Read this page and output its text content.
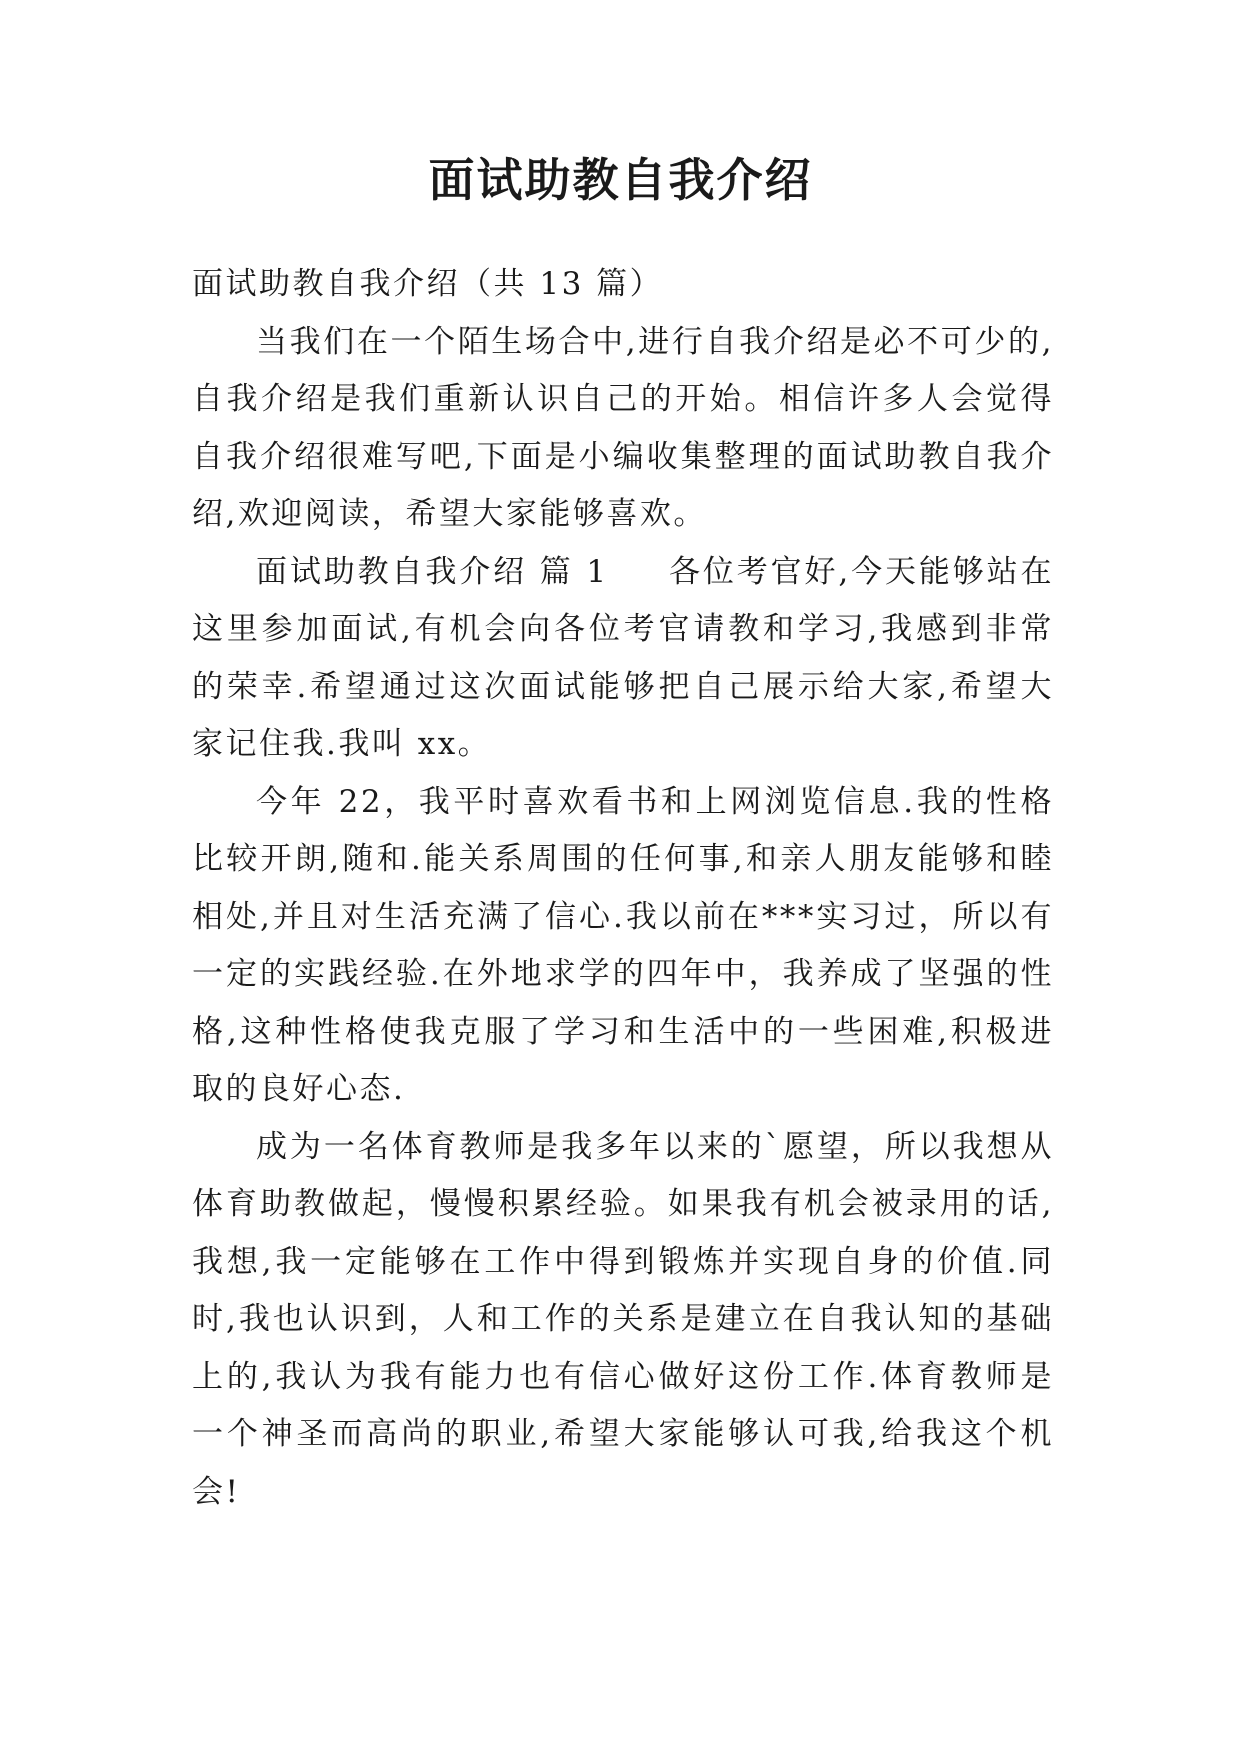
面试助教自我介绍

面试助教自我介绍（共 13 篇）

当我们在一个陌生场合中,进行自我介绍是必不可少的,自我介绍是我们重新认识自己的开始。相信许多人会觉得自我介绍很难写吧,下面是小编收集整理的面试助教自我介绍,欢迎阅读，希望大家能够喜欢。

面试助教自我介绍 篇 1 各位考官好,今天能够站在这里参加面试,有机会向各位考官请教和学习,我感到非常的荣幸.希望通过这次面试能够把自己展示给大家,希望大家记住我.我叫 xx。

今年 22，我平时喜欢看书和上网浏览信息.我的性格比较开朗,随和.能关系周围的任何事,和亲人朋友能够和睦相处,并且对生活充满了信心.我以前在***实习过，所以有一定的实践经验.在外地求学的四年中，我养成了坚强的性格,这种性格使我克服了学习和生活中的一些困难,积极进取的良好心态.

成为一名体育教师是我多年以来的`愿望，所以我想从体育助教做起，慢慢积累经验。如果我有机会被录用的话,我想,我一定能够在工作中得到锻炼并实现自身的价值.同时,我也认识到，人和工作的关系是建立在自我认知的基础上的,我认为我有能力也有信心做好这份工作.体育教师是一个神圣而高尚的职业,希望大家能够认可我,给我这个机会!
